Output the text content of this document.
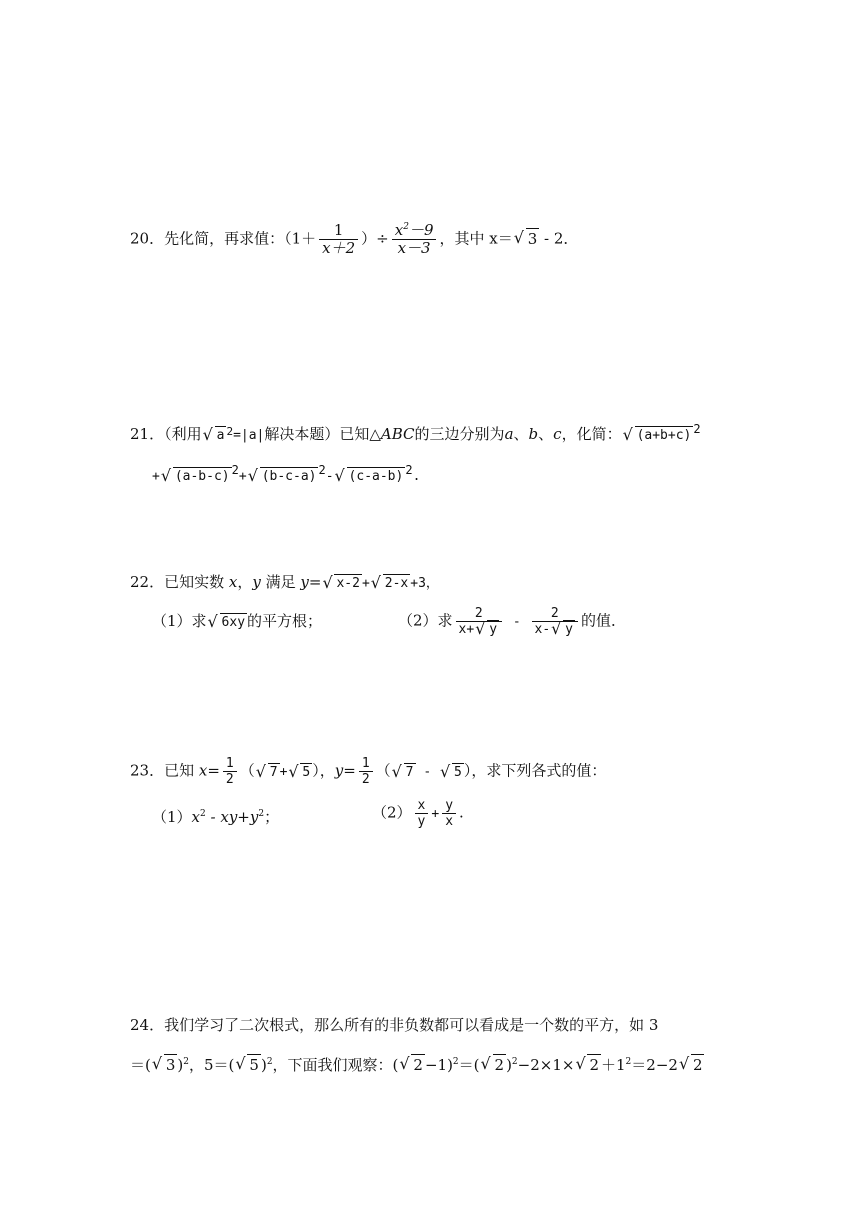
20．先化简，再求值：（$1+ \frac{1}{x+2}$ ）÷ $\frac{x^2-9}{x-3}$ ，其中 x＝√ 3 - 2．
21．（利用√ a $^2$=|a|解决本题）已知△ABC的三边分别为a、b、c，化简：√ (a+b+c) $^2$
+√ (a-b-c) 2+√ (b-c-a) 2-√ (c-a-b) 2.
22．已知实数 x，y 满足 y=√ x-2 +√ 2-x +3，
（1）求√ 6xy 的平方根；	（2）求 $\frac{2}{x+√ y} - \frac{2}{x-√ y}$ 的值．
23．已知 $x= \frac{1}{2}$ （√ 7 +√ 5 ），$y= \frac{1}{2}$ （√ 7 - √ 5 ），求下列各式的值：
$(1)x^2 - xy+y^2$；	$(2) \frac{x}{y} + \frac{y}{x}$ .
24．我们学习了二次根式，那么所有的非负数都可以看成是一个数的平方，如 3
＝(√ 3 )$^2$，5＝(√ 5 )$^2$，下面我们观察：(√ 2 −1)$^2$＝(√ 2 )$^2$−2×1×√ $2 +1^2=2-2√$ 2
